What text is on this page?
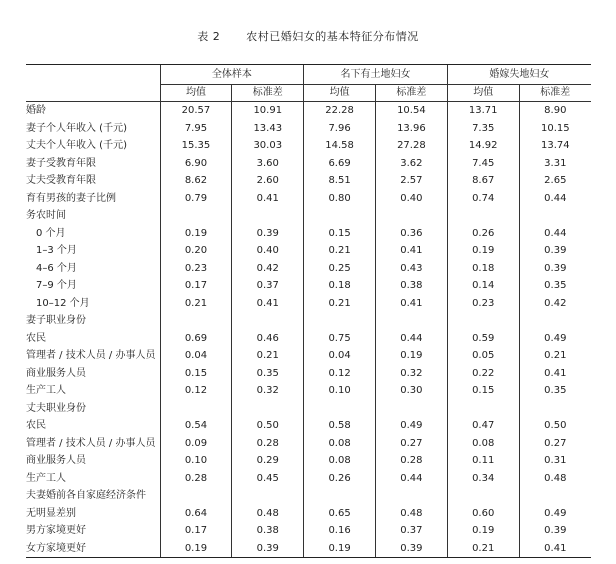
表 2 农村已婚妇女的基本特征分布情况
	全体样本		名下有土地妇女		婚嫁失地妇女	
	均值	标准差	均值	标准差	均值	标准差
婚龄	20.57	10.91	22.28	10.54	13.71	8.90
妻子个人年收入 (千元)	7.95	13.43	7.96	13.96	7.35	10.15
丈夫个人年收入 (千元)	15.35	30.03	14.58	27.28	14.92	13.74
妻子受教育年限	6.90	3.60	6.69	3.62	7.45	3.31
丈夫受教育年限	8.62	2.60	8.51	2.57	8.67	2.65
育有男孩的妻子比例	0.79	0.41	0.80	0.40	0.74	0.44
务农时间						
0 个月	0.19	0.39	0.15	0.36	0.26	0.44
1–3 个月	0.20	0.40	0.21	0.41	0.19	0.39
4–6 个月	0.23	0.42	0.25	0.43	0.18	0.39
7–9 个月	0.17	0.37	0.18	0.38	0.14	0.35
10–12 个月	0.21	0.41	0.21	0.41	0.23	0.42
妻子职业身份						
农民	0.69	0.46	0.75	0.44	0.59	0.49
管理者 / 技术人员 / 办事人员	0.04	0.21	0.04	0.19	0.05	0.21
商业服务人员	0.15	0.35	0.12	0.32	0.22	0.41
生产工人	0.12	0.32	0.10	0.30	0.15	0.35
丈夫职业身份						
农民	0.54	0.50	0.58	0.49	0.47	0.50
管理者 / 技术人员 / 办事人员	0.09	0.28	0.08	0.27	0.08	0.27
商业服务人员	0.10	0.29	0.08	0.28	0.11	0.31
生产工人	0.28	0.45	0.26	0.44	0.34	0.48
夫妻婚前各自家庭经济条件						
无明显差别	0.64	0.48	0.65	0.48	0.60	0.49
男方家境更好	0.17	0.38	0.16	0.37	0.19	0.39
女方家境更好	0.19	0.39	0.19	0.39	0.21	0.41
